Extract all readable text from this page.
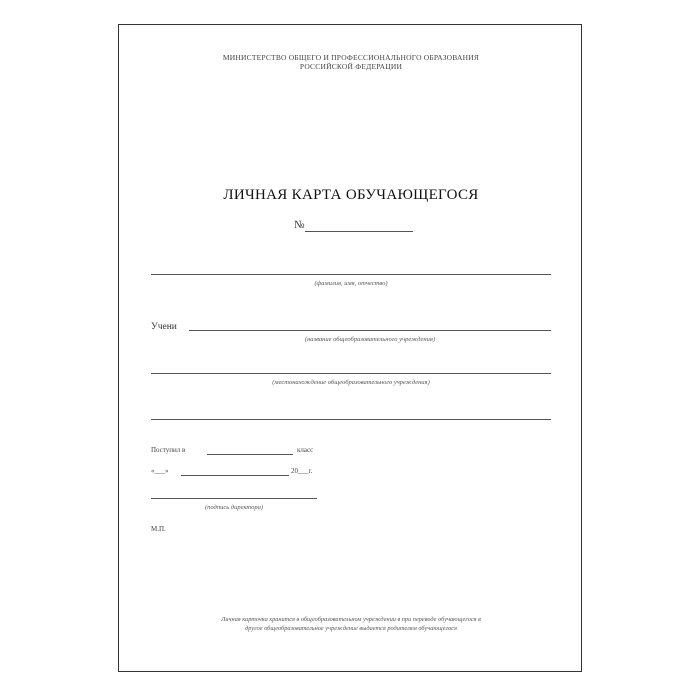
МИНИСТЕРСТВО ОБЩЕГО И ПРОФЕССИОНАЛЬНОГО ОБРАЗОВАНИЯ
РОССИЙСКОЙ ФЕДЕРАЦИИ
ЛИЧНАЯ КАРТА ОБУЧАЮЩЕГОСЯ
№
(фамилия, имя, отчество)
Учени
(название общеобразовательного учреждения)
(местонахождение общеобразовательного учреждения)
Поступил в	класс
«___»	20___г.
(подпись директора)
М.П.
Личная карточка хранится в общеобразовательном учреждении в при переводе обучающегося в
другое общеобразовательное учреждение выдается родителям обучающегося
